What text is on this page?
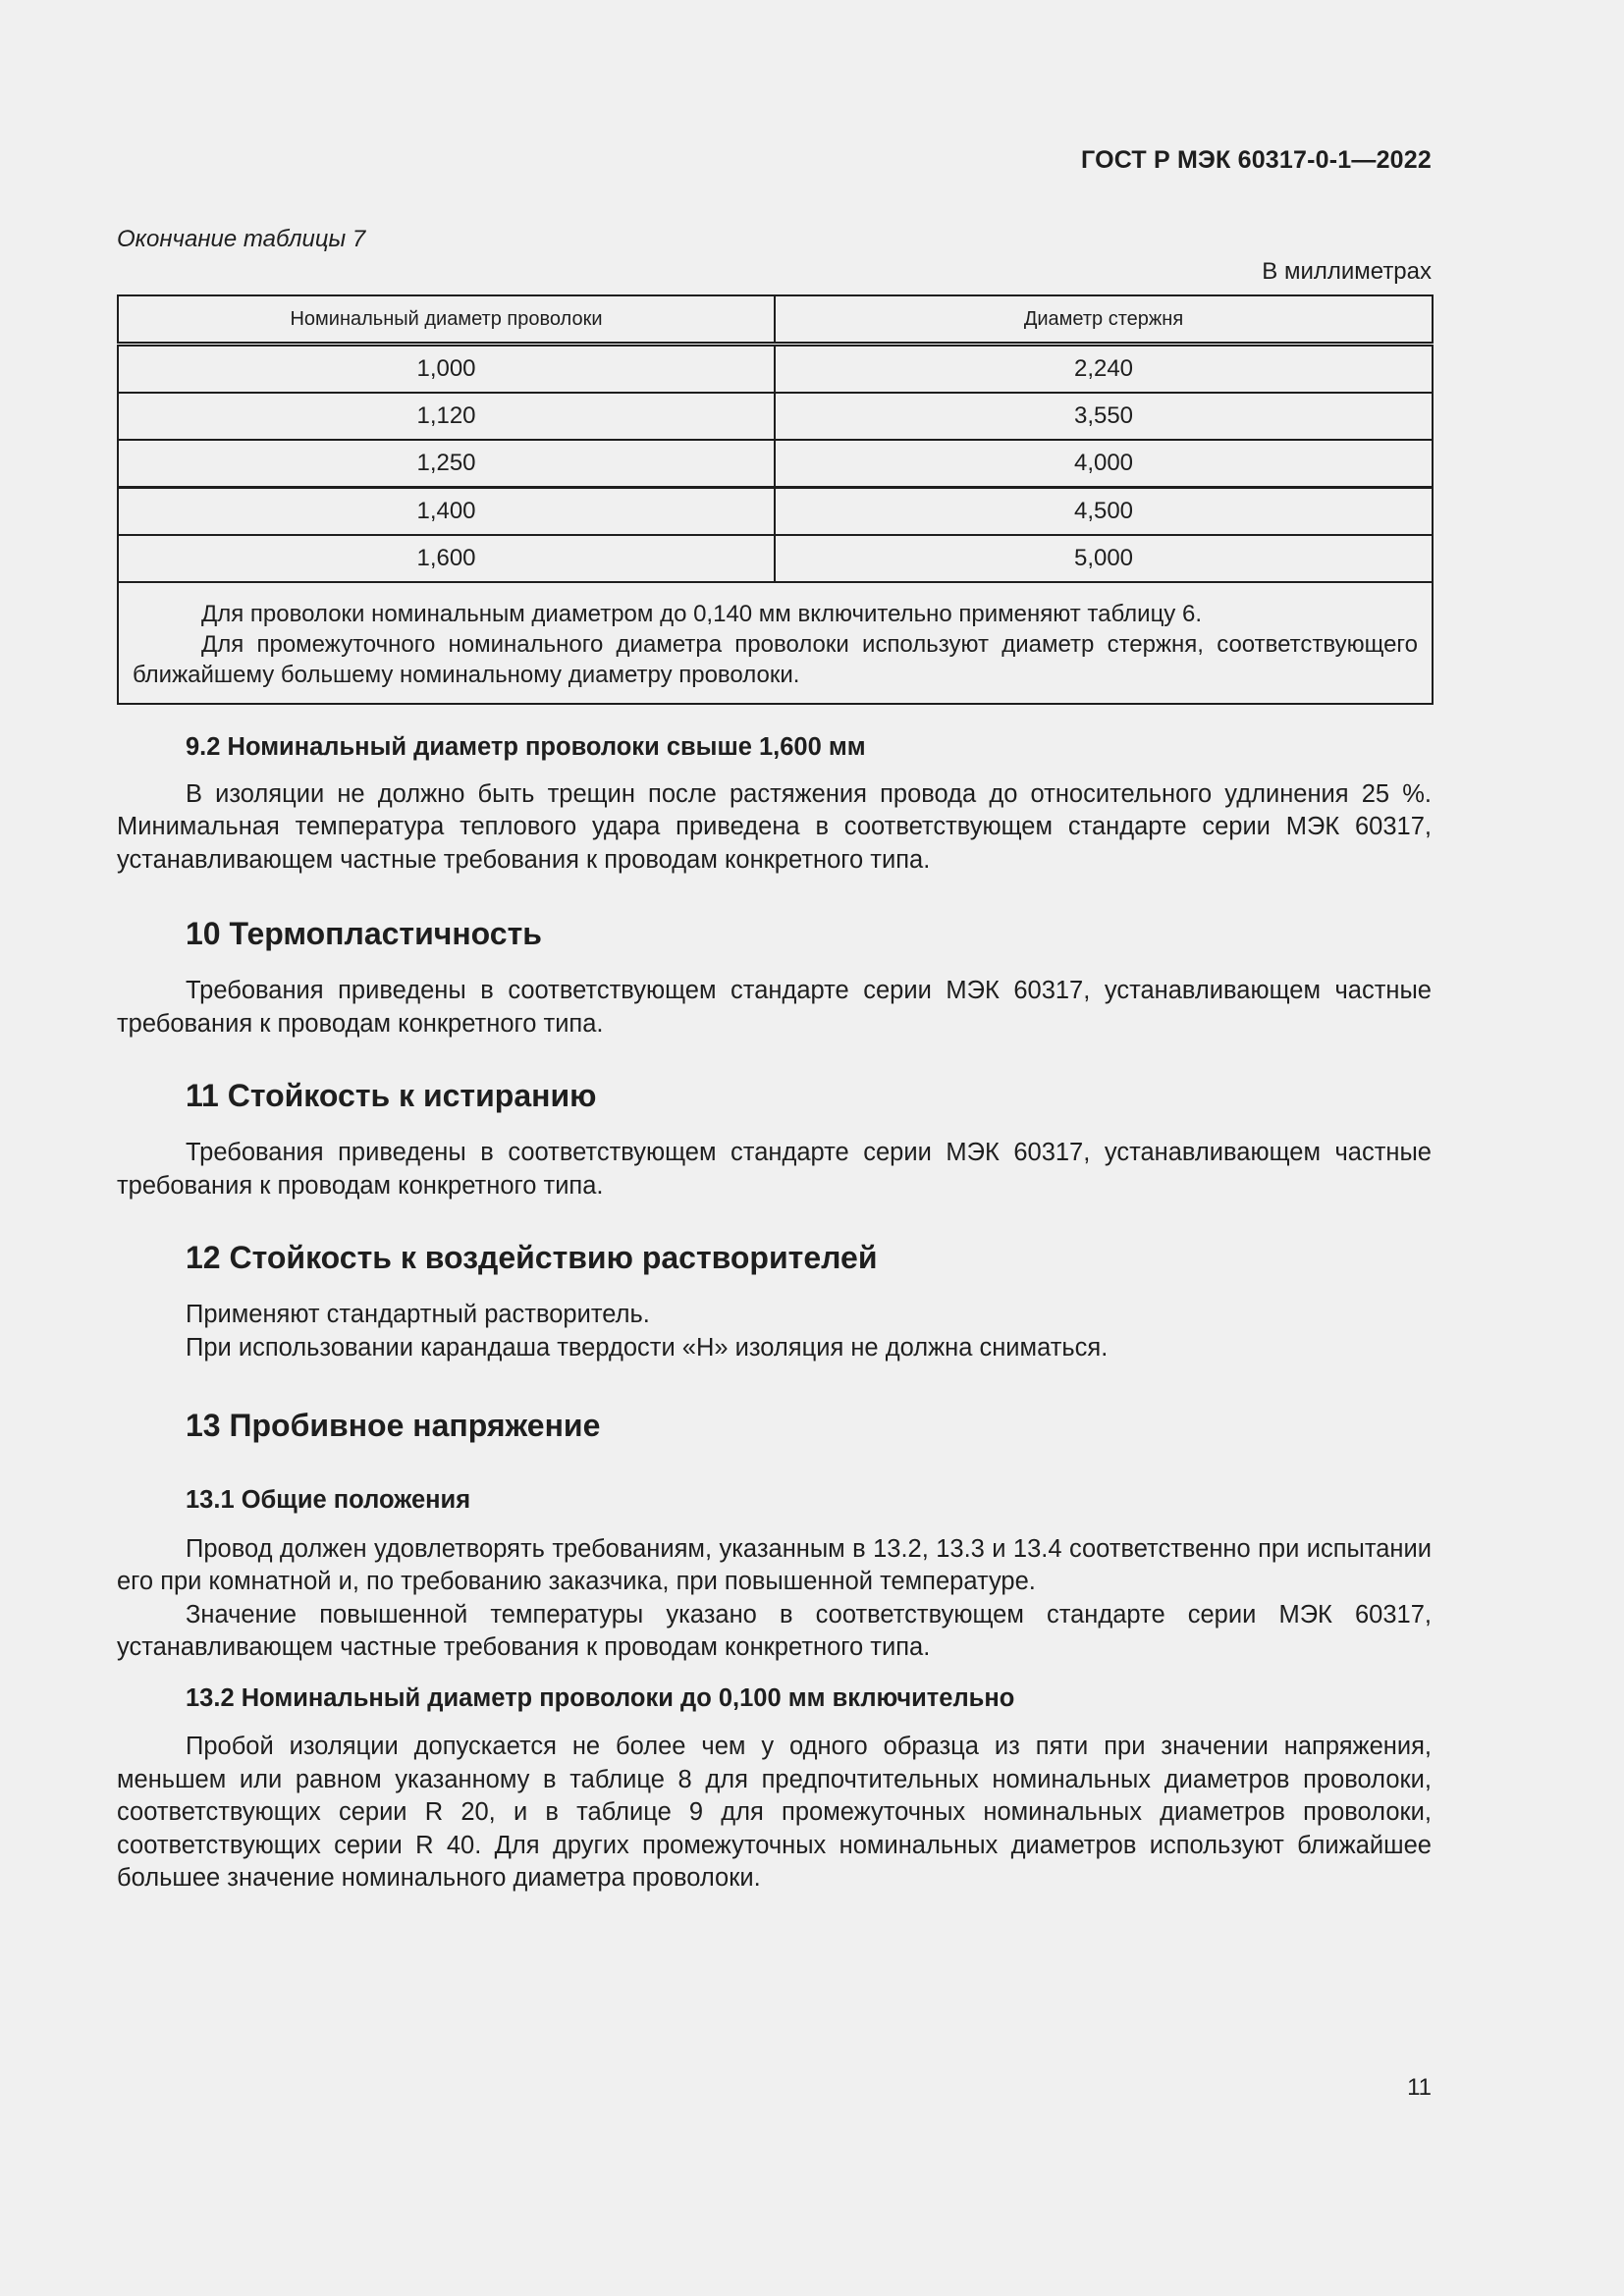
ГОСТ Р МЭК 60317-0-1—2022
Окончание таблицы 7
В миллиметрах
Номинальный диаметр проволоки	Диаметр стержня
1,000	2,240
1,120	3,550
1,250	4,000
1,400	4,500
1,600	5,000

Для проволоки номинальным диаметром до 0,140 мм включительно применяют таблицу 6.

Для промежуточного номинального диаметра проволоки используют диаметр стержня, соответствующего ближайшему большему номинальному диаметру проволоки.	

9.2 Номинальный диаметр проволоки свыше 1,600 мм

В изоляции не должно быть трещин после растяжения провода до относительного удлинения 25 %. Минимальная температура теплового удара приведена в соответствующем стандарте серии МЭК 60317, устанавливающем частные требования к проводам конкретного типа.

10 Термопластичность

Требования приведены в соответствующем стандарте серии МЭК 60317, устанавливающем частные требования к проводам конкретного типа.

11 Стойкость к истиранию

Требования приведены в соответствующем стандарте серии МЭК 60317, устанавливающем частные требования к проводам конкретного типа.

12 Стойкость к воздействию растворителей

Применяют стандартный растворитель.

При использовании карандаша твердости «Н» изоляция не должна сниматься.

13 Пробивное напряжение

13.1 Общие положения

Провод должен удовлетворять требованиям, указанным в 13.2, 13.3 и 13.4 соответственно при испытании его при комнатной и, по требованию заказчика, при повышенной температуре.

Значение повышенной температуры указано в соответствующем стандарте серии МЭК 60317, устанавливающем частные требования к проводам конкретного типа.

13.2 Номинальный диаметр проволоки до 0,100 мм включительно

Пробой изоляции допускается не более чем у одного образца из пяти при значении напряжения, меньшем или равном указанному в таблице 8 для предпочтительных номинальных диаметров проволоки, соответствующих серии R 20, и в таблице 9 для промежуточных номинальных диаметров проволоки, соответствующих серии R 40. Для других промежуточных номинальных диаметров используют ближайшее большее значение номинального диаметра проволоки.

11
